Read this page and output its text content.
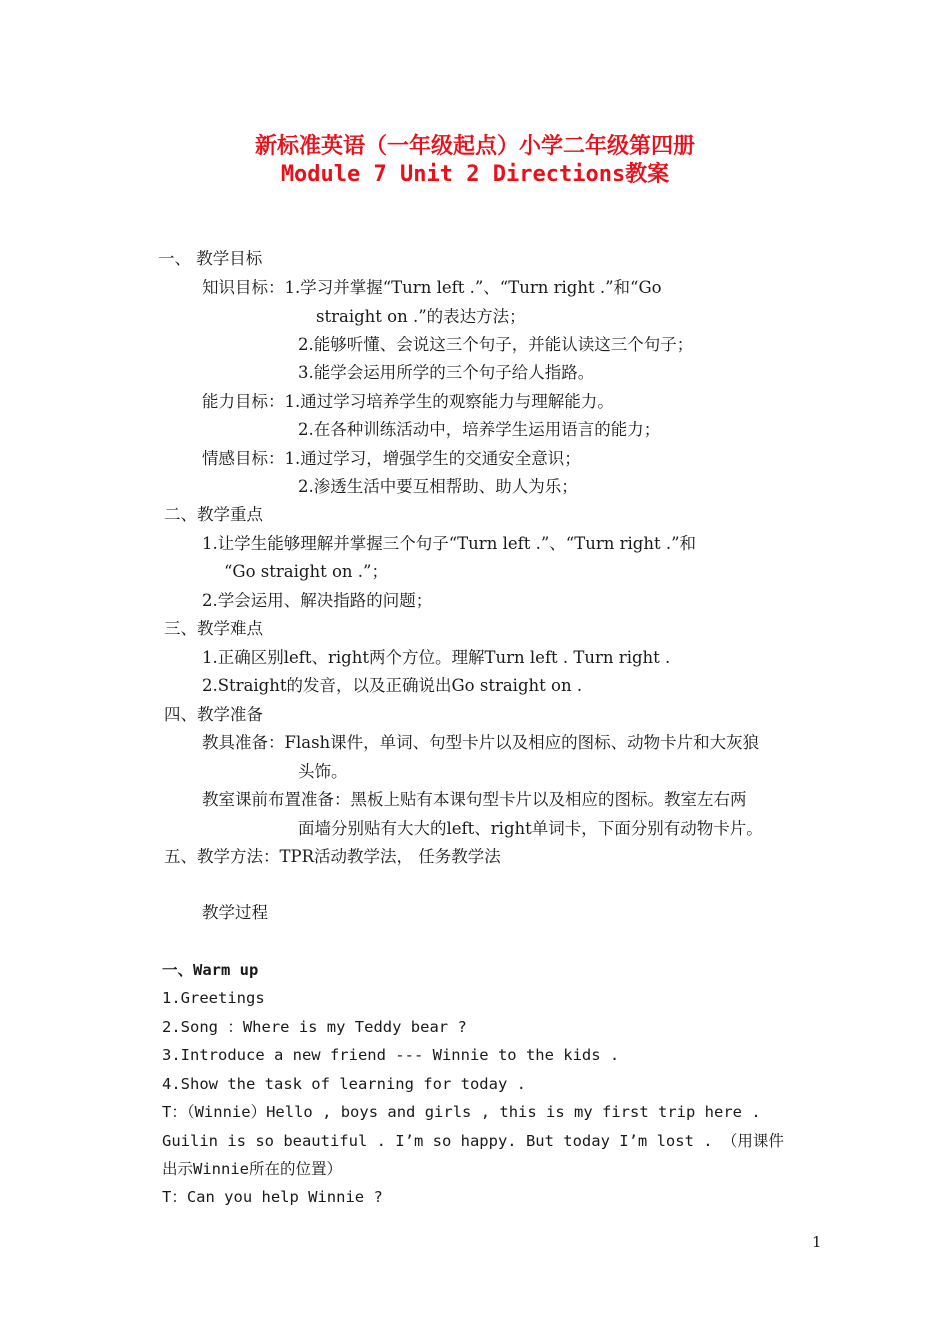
新标准英语（一年级起点）小学二年级第四册
Module 7 Unit 2 Directions教案
一、 教学目标
知识目标：1.学习并掌握“Turn left .”、“Turn right .”和“Go
straight on .”的表达方法；
2.能够听懂、会说这三个句子，并能认读这三个句子；
3.能学会运用所学的三个句子给人指路。
能力目标：1.通过学习培养学生的观察能力与理解能力。
2.在各种训练活动中，培养学生运用语言的能力；
情感目标：1.通过学习，增强学生的交通安全意识；
2.渗透生活中要互相帮助、助人为乐；
二、教学重点
1.让学生能够理解并掌握三个句子“Turn left .”、“Turn right .”和
“Go straight on .”；
2.学会运用、解决指路的问题；
三、教学难点
1.正确区别left、right两个方位。理解Turn left . Turn right .
2.Straight的发音，以及正确说出Go straight on .
四、教学准备
教具准备：Flash课件，单词、句型卡片以及相应的图标、动物卡片和大灰狼
头饰。
教室课前布置准备：黑板上贴有本课句型卡片以及相应的图标。教室左右两
面墙分别贴有大大的left、right单词卡，下面分别有动物卡片。
五、教学方法：TPR活动教学法， 任务教学法
教学过程
一、Warm up
1.Greetings
2.Song ：Where is my Teddy bear ?
3.Introduce a new friend --- Winnie to the kids .
4.Show the task of learning for today .
T：（Winnie）Hello , boys and girls , this is my first trip here .
Guilin is so beautiful . I’m so happy. But today I’m lost . （用课件
出示Winnie所在的位置）
T：Can you help Winnie ?
1
